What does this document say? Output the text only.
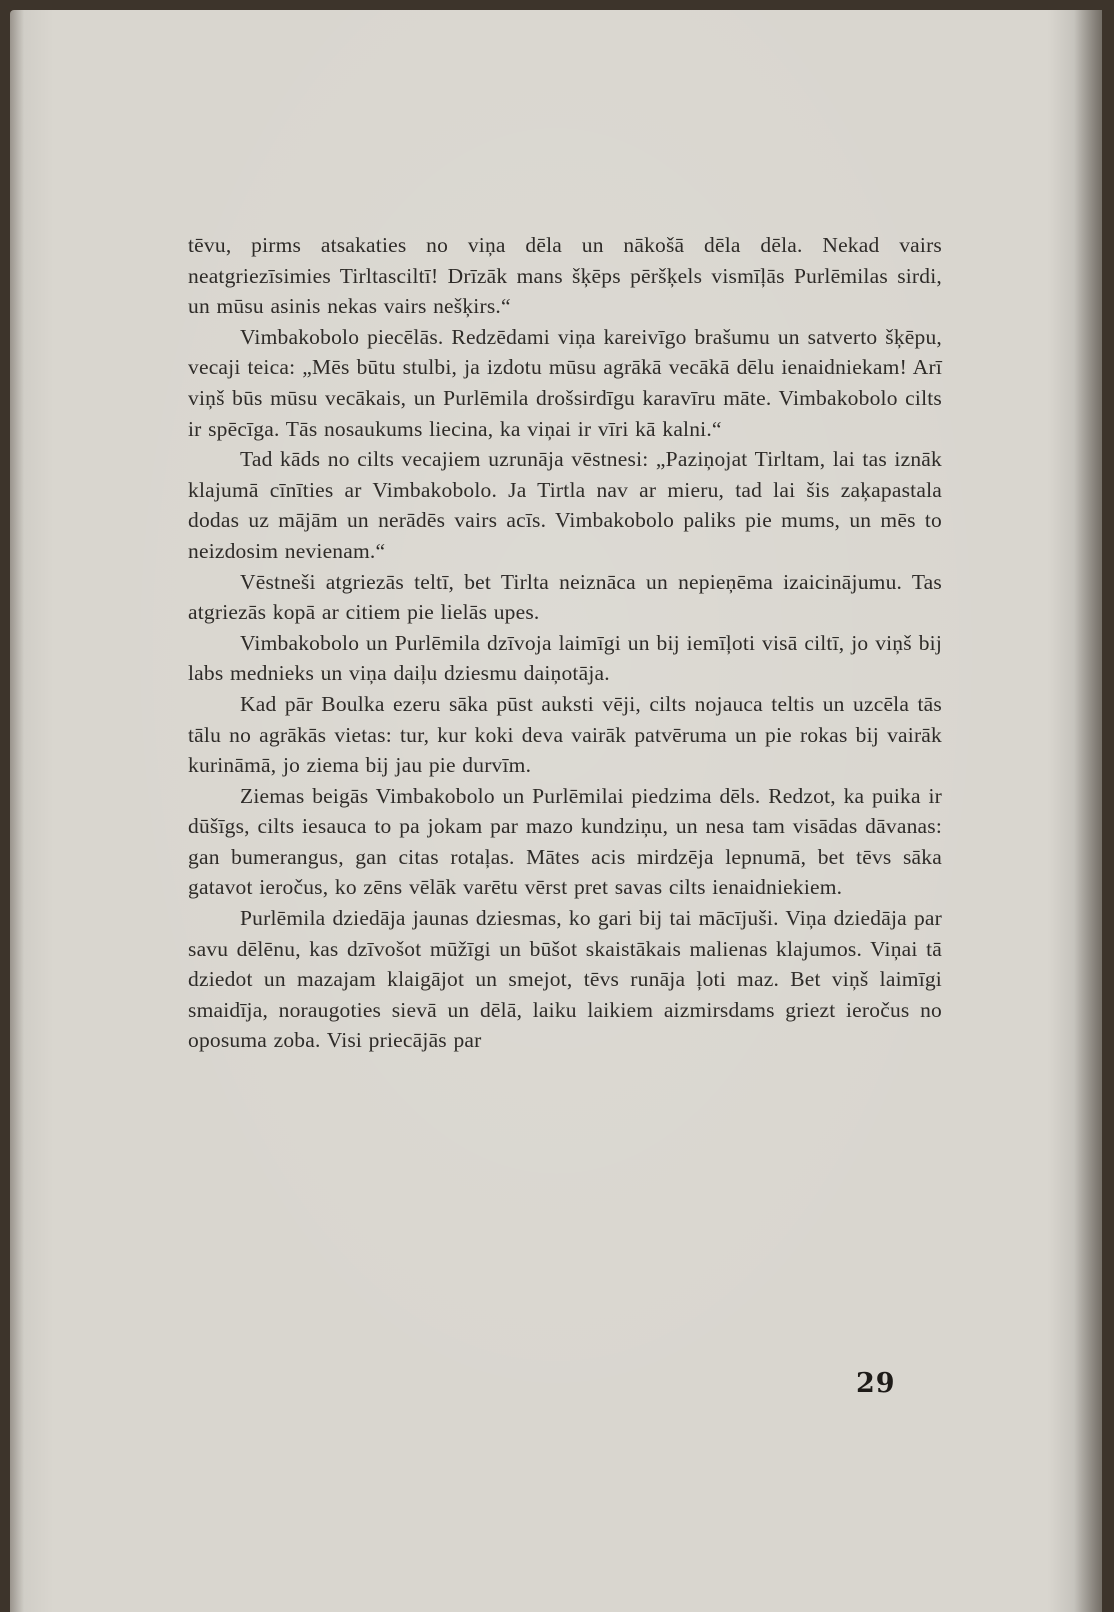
tēvu, pirms atsakaties no viņa dēla un nākošā dēla dēla. Nekad vairs neatgriezīsimies Tirltasciltī! Drīzāk mans šķēps pēršķels vismīļās Purlēmilas sirdi, un mūsu asinis nekas vairs nešķirs.“

Vimbakobolo piecēlās. Redzēdami viņa kareivīgo brašumu un satverto šķēpu, vecaji teica: „Mēs būtu stulbi, ja izdotu mūsu agrākā vecākā dēlu ienaidniekam! Arī viņš būs mūsu vecākais, un Purlēmila drošsirdīgu karavīru māte. Vimbakobolo cilts ir spēcīga. Tās nosaukums liecina, ka viņai ir vīri kā kalni.“

Tad kāds no cilts vecajiem uzrunāja vēstnesi: „Paziņojat Tirltam, lai tas iznāk klajumā cīnīties ar Vimbakobolo. Ja Tirtla nav ar mieru, tad lai šis zaķapastala dodas uz mājām un nerādēs vairs acīs. Vimbakobolo paliks pie mums, un mēs to neizdosim nevienam.“

Vēstneši atgriezās teltī, bet Tirlta neiznāca un nepieņēma izaicinājumu. Tas atgriezās kopā ar citiem pie lielās upes.

Vimbakobolo un Purlēmila dzīvoja laimīgi un bij iemīļoti visā ciltī, jo viņš bij labs mednieks un viņa daiļu dziesmu daiņotāja.

Kad pār Boulka ezeru sāka pūst auksti vēji, cilts nojauca teltis un uzcēla tās tālu no agrākās vietas: tur, kur koki deva vairāk patvēruma un pie rokas bij vairāk kurināmā, jo ziema bij jau pie durvīm.

Ziemas beigās Vimbakobolo un Purlēmilai piedzima dēls. Redzot, ka puika ir dūšīgs, cilts iesauca to pa jokam par mazo kundziņu, un nesa tam visādas dāvanas: gan bumerangus, gan citas rotaļas. Mātes acis mirdzēja lepnumā, bet tēvs sāka gatavot ieročus, ko zēns vēlāk varētu vērst pret savas cilts ienaidniekiem.

Purlēmila dziedāja jaunas dziesmas, ko gari bij tai mācījuši. Viņa dziedāja par savu dēlēnu, kas dzīvošot mūžīgi un būšot skaistākais malienas klajumos. Viņai tā dziedot un mazajam klaigājot un smejot, tēvs runāja ļoti maz. Bet viņš laimīgi smaidīja, noraugoties sievā un dēlā, laiku laikiem aizmirsdams griezt ieročus no oposuma zoba. Visi priecājās par

29
